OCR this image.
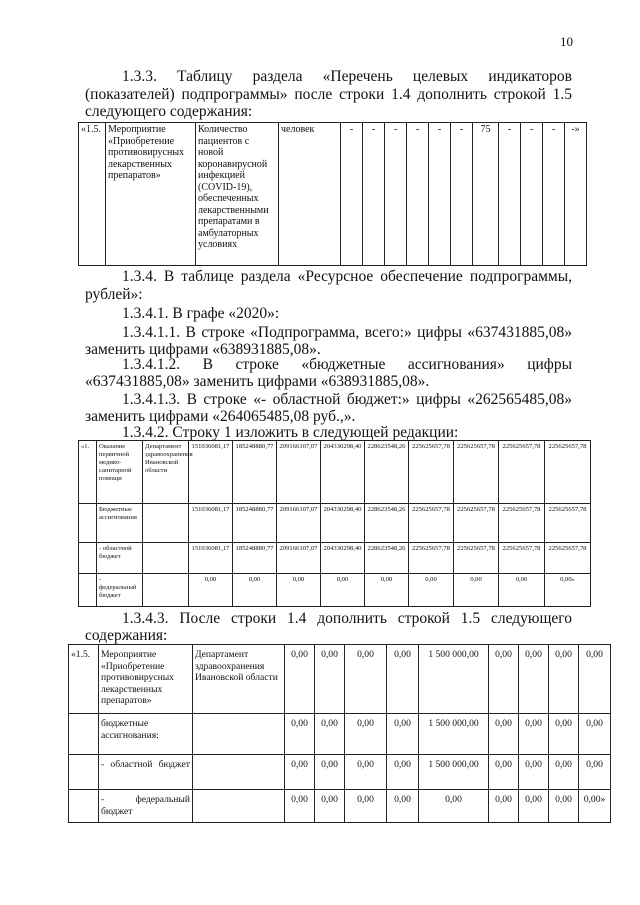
10

1.3.3. Таблицу раздела «Перечень целевых индикаторов

(показателей) подпрограммы» после строки 1.4 дополнить строкой 1.5

следующего содержания:

«1.5.	Мероприятие «Приобретение противовирусных лекарственных препаратов»	Количество пациентов с новой коронавирусной инфекцией (COVID-19), обеспеченных лекарственными препаратами в амбулаторных условиях	человек	-	-	-	-	-	-	75	-	-	-	-»

1.3.4. В таблице раздела «Ресурсное обеспечение подпрограммы,

рублей»:

1.3.4.1. В графе «2020»:

1.3.4.1.1. В строке «Подпрограмма, всего:» цифры «637431885,08»

заменить цифрами «638931885,08».

1.3.4.1.2. В строке «бюджетные ассигнования» цифры

«637431885,08» заменить цифрами «638931885,08».

1.3.4.1.3. В строке «- областной бюджет:» цифры «262565485,08»

заменить цифрами «264065485,08 руб.,».

1.3.4.2. Строку 1 изложить в следующей редакции:

«1.	Оказание первичной медико-санитарной помощи	Департамент здравоохранения Ивановской области	151036081,17	185248880,77	209166107,07	204330298,40	228623548,26	225625657,78	225625657,78	225625657,78	225625657,78
	Бюджетные ассигнования		151036081,17	185248880,77	209166107,07	204330298,40	228623548,26	225625657,78	225625657,78	225625657,78	225625657,78
	- областной бюджет		151036081,17	185248880,77	209166107,07	204330298,40	228623548,26	225625657,78	225625657,78	225625657,78	225625657,78
	- федеральный бюджет		0,00	0,00	0,00	0,00	0,00	0,00	0,00	0,00	0,00»

1.3.4.3. После строки 1.4 дополнить строкой 1.5 следующего

содержания:

«1.5.	Мероприятие «Приобретение противовирусных лекарственных препаратов»	Департамент здравоохранения Ивановской области	0,00	0,00	0,00	0,00	1 500 000,00	0,00	0,00	0,00	0,00
	бюджетные ассигнования:		0,00	0,00	0,00	0,00	1 500 000,00	0,00	0,00	0,00	0,00
	- областной бюджет		0,00	0,00	0,00	0,00	1 500 000,00	0,00	0,00	0,00	0,00
	- федеральный бюджет		0,00	0,00	0,00	0,00	0,00	0,00	0,00	0,00	0,00»
